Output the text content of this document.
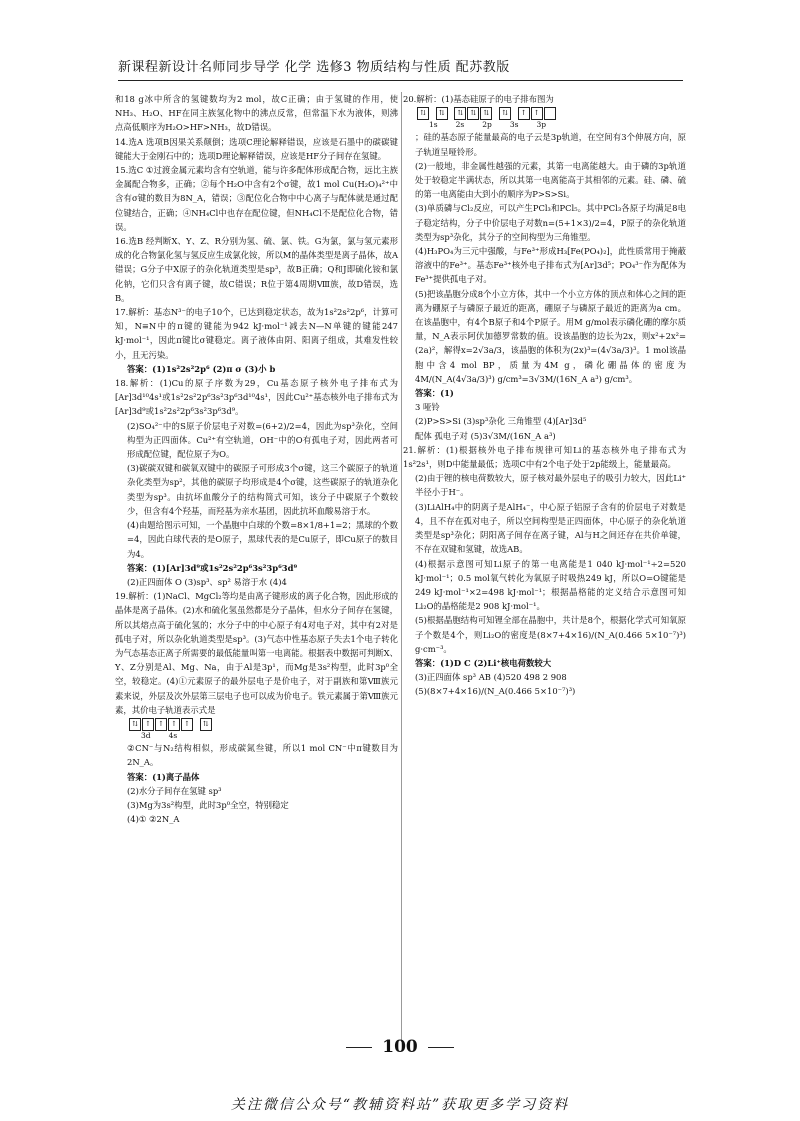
新课程新设计名师同步导学 化学 选修3 物质结构与性质 配苏教版

和18 g冰中所含的氢键数均为2 mol，故C正确；由于氢键的作用，使NH₃、H₂O、HF在同主族氢化物中的沸点反常，但常温下水为液体，则沸点高低顺序为H₂O>HF>NH₃，故D错误。

14.选A 选项B因果关系颠倒；选项C理论解释错误，应该是石墨中的碳碳键键能大于金刚石中的；选项D理论解释错误，应该是HF分子间存在氢键。

15.选C ①过渡金属元素均含有空轨道，能与许多配体形成配合物，远比主族金属配合物多，正确；②每个H₂O中含有2个σ键，故1 mol Cu(H₂O)₄²⁺中含有σ键的数目为8N_A，错误；③配位化合物中中心离子与配体就是通过配位键结合，正确；④NH₄Cl中也存在配位键，但NH₄Cl不是配位化合物，错误。

16.选B 经判断X、Y、Z、R分别为氢、硫、氯、铁。G为氯，氯与氢元素形成的化合物氯化氢与氢反应生成氯化铵，所以M的晶体类型是离子晶体，故A错误；G分子中X原子的杂化轨道类型是sp³，故B正确；Q和J即硫化铵和氯化钠，它们只含有离子键，故C错误；R位于第4周期Ⅷ族，故D错误，选B。

17.解析：基态N³⁻的电子10个，已达到稳定状态，故为1s²2s²2p⁶，计算可知，N≡N中的π键的键能为942 kJ·mol⁻¹减去N—N单键的键能247 kJ·mol⁻¹，因此π键比σ键稳定。离子液体由阴、阳离子组成，其难发性较小，且无污染。

答案：(1)1s²2s²2p⁶ (2)π σ (3)小 b

18.解析：(1)Cu的原子序数为29，Cu基态原子核外电子排布式为[Ar]3d¹⁰4s¹或1s²2s²2p⁶3s²3p⁶3d¹⁰4s¹，因此Cu²⁺基态核外电子排布式为[Ar]3d⁹或1s²2s²2p⁶3s²3p⁶3d⁹。

(2)SO₄²⁻中的S原子价层电子对数=(6+2)/2=4，因此为sp³杂化，空间构型为正四面体。Cu²⁺有空轨道，OH⁻中的O有孤电子对，因此两者可形成配位键，配位原子为O。

(3)碳碳双键和碳氧双键中的碳原子可形成3个σ键，这三个碳原子的轨道杂化类型为sp²，其他的碳原子均形成是4个σ键，这些碳原子的轨道杂化类型为sp³。由抗坏血酸分子的结构简式可知，该分子中碳原子个数较少，但含有4个羟基，而羟基为亲水基团，因此抗坏血酸易溶于水。

(4)由题给图示可知，一个晶胞中白球的个数=8×1/8+1=2；黑球的个数=4，因此白球代表的是O原子，黑球代表的是Cu原子，即Cu原子的数目为4。

答案：(1)[Ar]3d⁹或1s²2s²2p⁶3s²3p⁶3d⁹

(2)正四面体 O (3)sp³、sp² 易溶于水 (4)4

19.解析：(1)NaCl、MgCl₂等均是由离子键形成的离子化合物，因此形成的晶体是离子晶体。(2)水和硫化氢虽然都是分子晶体，但水分子间存在氢键，所以其熔点高于硫化氢的；水分子中的中心原子有4对电子对，其中有2对是孤电子对，所以杂化轨道类型是sp³。(3)气态中性基态原子失去1个电子转化为气态基态正离子所需要的最低能量叫第一电离能。根据表中数据可判断X、Y、Z分别是Al、Mg、Na，由于Al是3p¹，而Mg是3s²构型，此时3p⁰全空，较稳定。(4)①元素原子的最外层电子是价电子，对于副族和第Ⅷ族元素来说，外层及次外层第三层电子也可以成为价电子。铁元素属于第Ⅷ族元素，其价电子轨道表示式是

⇅	↑	↑	↑	↑
	⇅
3d 4s

②CN⁻与N₂结构相似，形成碳氮叁键，所以1 mol CN⁻中π键数目为2N_A。

答案：(1)离子晶体

(2)水分子间存在氢键 sp³

(3)Mg为3s²构型，此时3p⁰全空，特别稳定

(4)① ②2N_A

20.解析：(1)基态硅原子的电子排布图为

⇅
	⇅
	⇅	⇅	⇅
	⇅
	↑	↑
1s 2s 2p 3s 3p

；硅的基态原子能量最高的电子云是3p轨道，在空间有3个伸展方向，原子轨道呈哑铃形。

(2)一般地，非金属性越强的元素，其第一电离能越大。由于磷的3p轨道处于较稳定半满状态，所以其第一电离能高于其相邻的元素。硅、磷、硫的第一电离能由大到小的顺序为P>S>Si。

(3)单质磷与Cl₂反应，可以产生PCl₃和PCl₅。其中PCl₃各原子均满足8电子稳定结构，分子中价层电子对数n=(5+1×3)/2=4，P原子的杂化轨道类型为sp³杂化，其分子的空间构型为三角锥型。

(4)H₃PO₄为三元中强酸，与Fe³⁺形成H₃[Fe(PO₄)₂]，此性质常用于掩蔽溶液中的Fe³⁺。基态Fe³⁺核外电子排布式为[Ar]3d⁵；PO₄³⁻作为配体为Fe³⁺提供孤电子对。

(5)把该晶胞分成8个小立方体，其中一个小立方体的顶点和体心之间的距离为硼原子与磷原子最近的距离，硼原子与磷原子最近的距离为a cm。在该晶胞中，有4个B原子和4个P原子。用M g/mol表示磷化硼的摩尔质量，N_A表示阿伏加德罗常数的值。设该晶胞的边长为2x，则x²+2x²=(2a)²，解得x=2√3a/3，该晶胞的体积为(2x)³=(4√3a/3)³。1 mol该晶胞中含4 mol BP，质量为4M g，磷化硼晶体的密度为4M/(N_A(4√3a/3)³) g/cm³=3√3M/(16N_A a³) g/cm³。

答案：(1)

3 哑铃

(2)P>S>Si (3)sp³杂化 三角锥型 (4)[Ar]3d⁵

配体 孤电子对 (5)3√3M/(16N_A a³)

21.解析：(1)根据核外电子排布规律可知Li的基态核外电子排布式为1s²2s¹，则D中能量最低；选项C中有2个电子处于2p能级上，能量最高。

(2)由于锂的核电荷数较大，原子核对最外层电子的吸引力较大，因此Li⁺半径小于H⁻。

(3)LiAlH₄中的阴离子是AlH₄⁻，中心原子铝原子含有的价层电子对数是4，且不存在孤对电子，所以空间构型是正四面体，中心原子的杂化轨道类型是sp³杂化；阴阳离子间存在离子键，Al与H之间还存在共价单键，不存在双键和氢键，故选AB。

(4)根据示意图可知Li原子的第一电离能是1 040 kJ·mol⁻¹÷2=520 kJ·mol⁻¹；0.5 mol氧气转化为氧原子时吸热249 kJ，所以O=O键能是249 kJ·mol⁻¹×2=498 kJ·mol⁻¹；根据晶格能的定义结合示意图可知Li₂O的晶格能是2 908 kJ·mol⁻¹。

(5)根据晶胞结构可知锂全部在晶胞中，共计是8个，根据化学式可知氧原子个数是4个，则Li₂O的密度是(8×7+4×16)/(N_A(0.466 5×10⁻⁷)³) g·cm⁻³。

答案：(1)D C (2)Li⁺核电荷数较大

(3)正四面体 sp³ AB (4)520 498 2 908

(5)(8×7+4×16)/(N_A(0.466 5×10⁻⁷)³)

100
关注微信公众号“教辅资料站”获取更多学习资料
